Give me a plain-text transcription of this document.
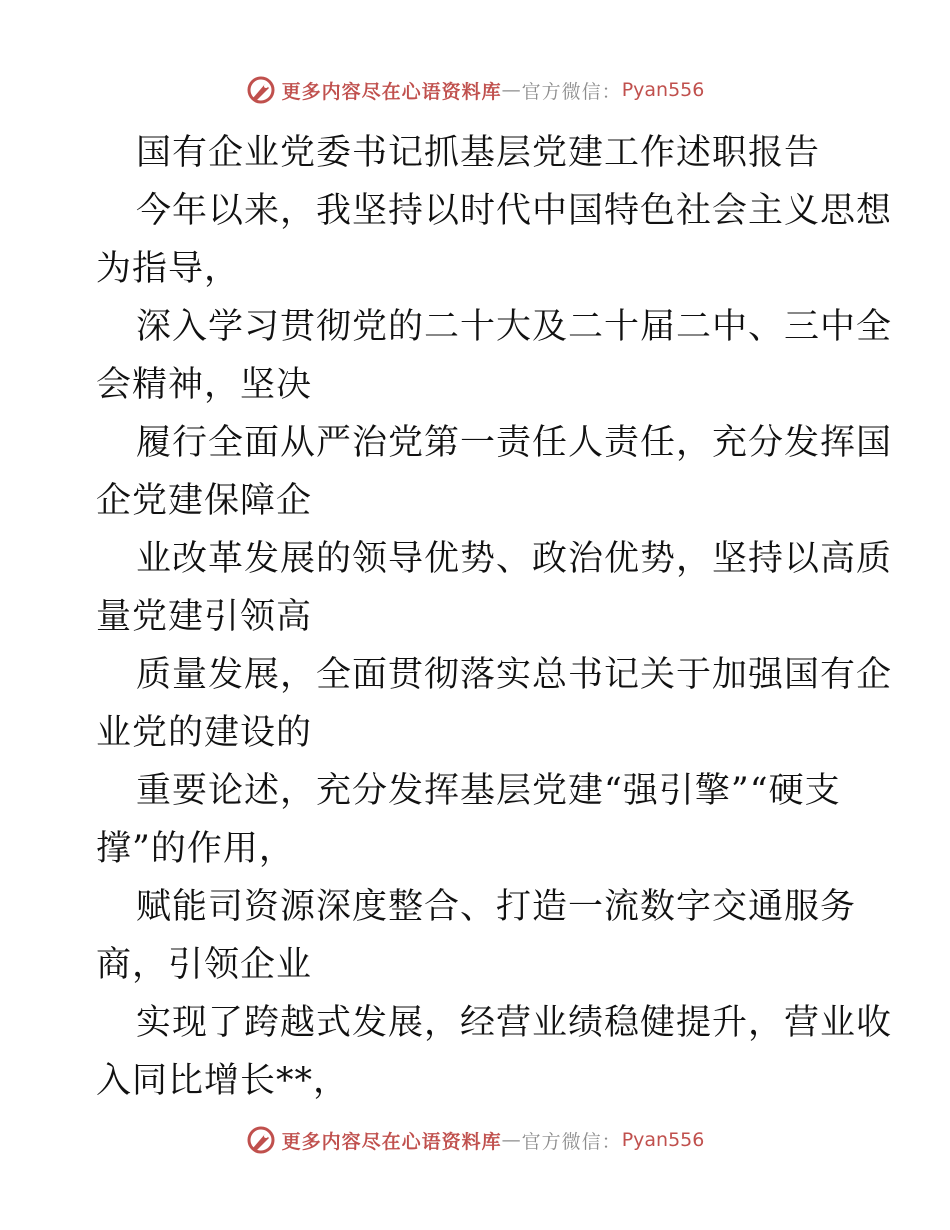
更多内容尽在心语资料库 — 官方微信： Pyan556
国有企业党委书记抓基层党建工作述职报告
今年以来，我坚持以时代中国特色社会主义思想
为指导，
深入学习贯彻党的二十大及二十届二中、三中全
会精神，坚决
履行全面从严治党第一责任人责任，充分发挥国
企党建保障企
业改革发展的领导优势、政治优势，坚持以高质
量党建引领高
质量发展，全面贯彻落实总书记关于加强国有企
业党的建设的
重要论述，充分发挥基层党建“强引擎”“硬支
撑”的作用，
赋能司资源深度整合、打造一流数字交通服务
商，引领企业
实现了跨越式发展，经营业绩稳健提升，营业收
入同比增长**，
更多内容尽在心语资料库 — 官方微信： Pyan556
